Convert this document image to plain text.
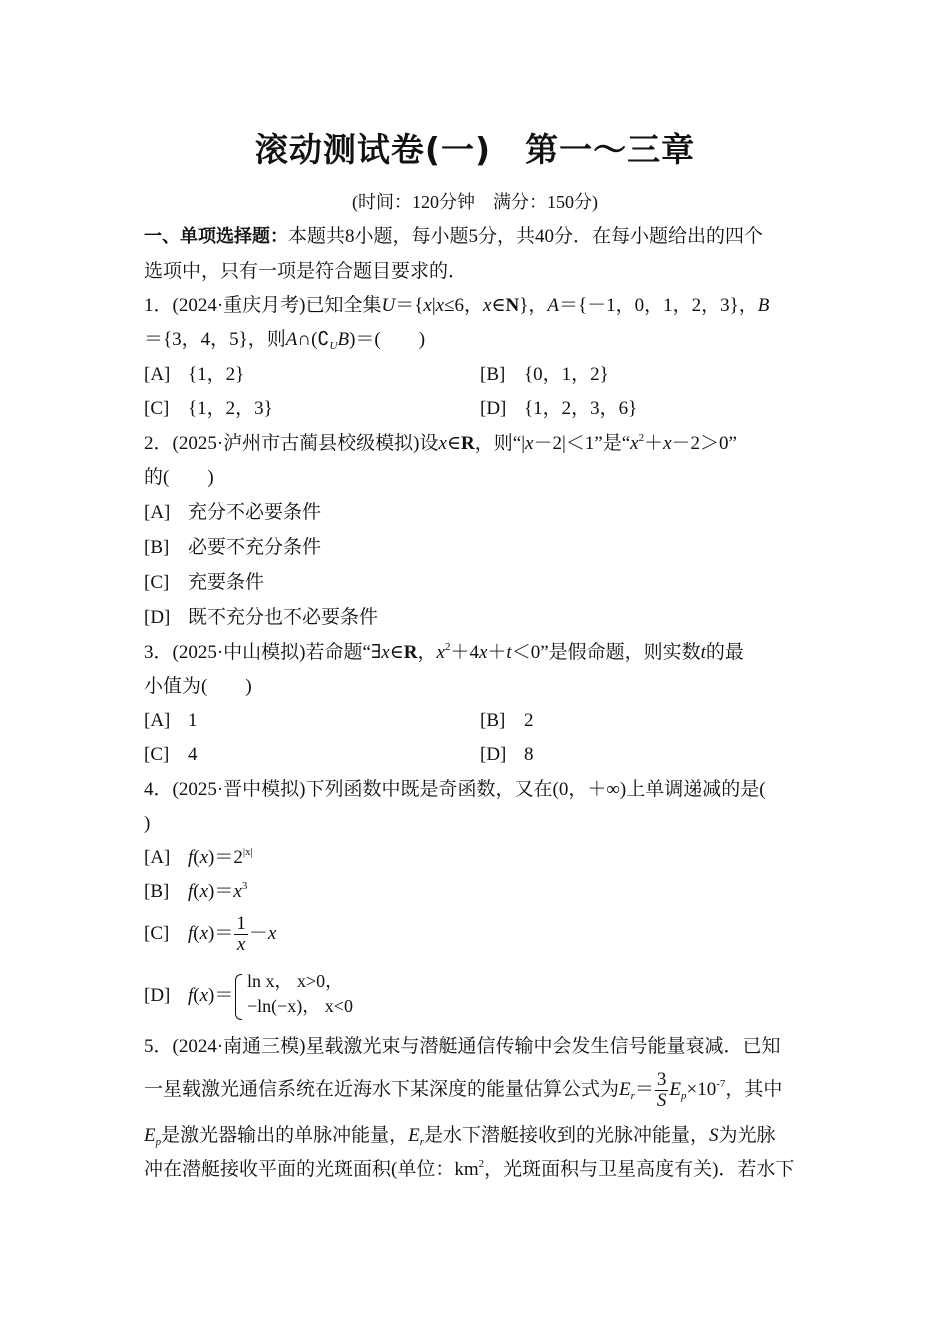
滚动测试卷(一)　第一～三章
(时间：120分钟　满分：150分)
一、单项选择题：本题共8小题，每小题5分，共40分．在每小题给出的四个
选项中，只有一项是符合题目要求的．
1．(2024·重庆月考)已知全集U＝{x|x≤6，x∈N}，A＝{－1，0，1，2，3}，B
＝{3，4，5}，则$A\cap(∁_UB)=$(　　)
[A] {1，2}	[B] {0，1，2}
[C] {1，2，3}	[D] {1，2，3，6}
2．(2025·泸州市古蔺县校级模拟)设x∈R，则“|x－2|＜1”是“$x^2+x-2>0$”
的(　　)
[A] 充分不必要条件
[B] 必要不充分条件
[C] 充要条件
[D] 既不充分也不必要条件
3．(2025·中山模拟)若命题“∃x∈R，$x^2+4x+t<0$”是假命题，则实数t的最
小值为(　　)
[A] 1	[B] 2
[C] 4	[D] 8
4．(2025·晋中模拟)下列函数中既是奇函数，又在(0，＋∞)上单调递减的是(
)
[A] $f(x)=2^{|x|}$
[B] $f(x)=x^3$
[C] $f(x)= \frac{1}{x} -x$
[D] f(x)＝
ln x， x>0，
−ln(−x)， x<0
5．(2024·南通三模)星载激光束与潜艇通信传输中会发生信号能量衰减．已知
一星载激光通信系统在近海水下某深度的能量估算公式为$E_r= \frac{3}{S} E_p\times 10^{-7}$，其中
$E_p$是激光器输出的单脉冲能量，$E_r$是水下潜艇接收到的光脉冲能量，S为光脉
冲在潜艇接收平面的光斑面积(单位：$km^2$，光斑面积与卫星高度有关)．若水下
